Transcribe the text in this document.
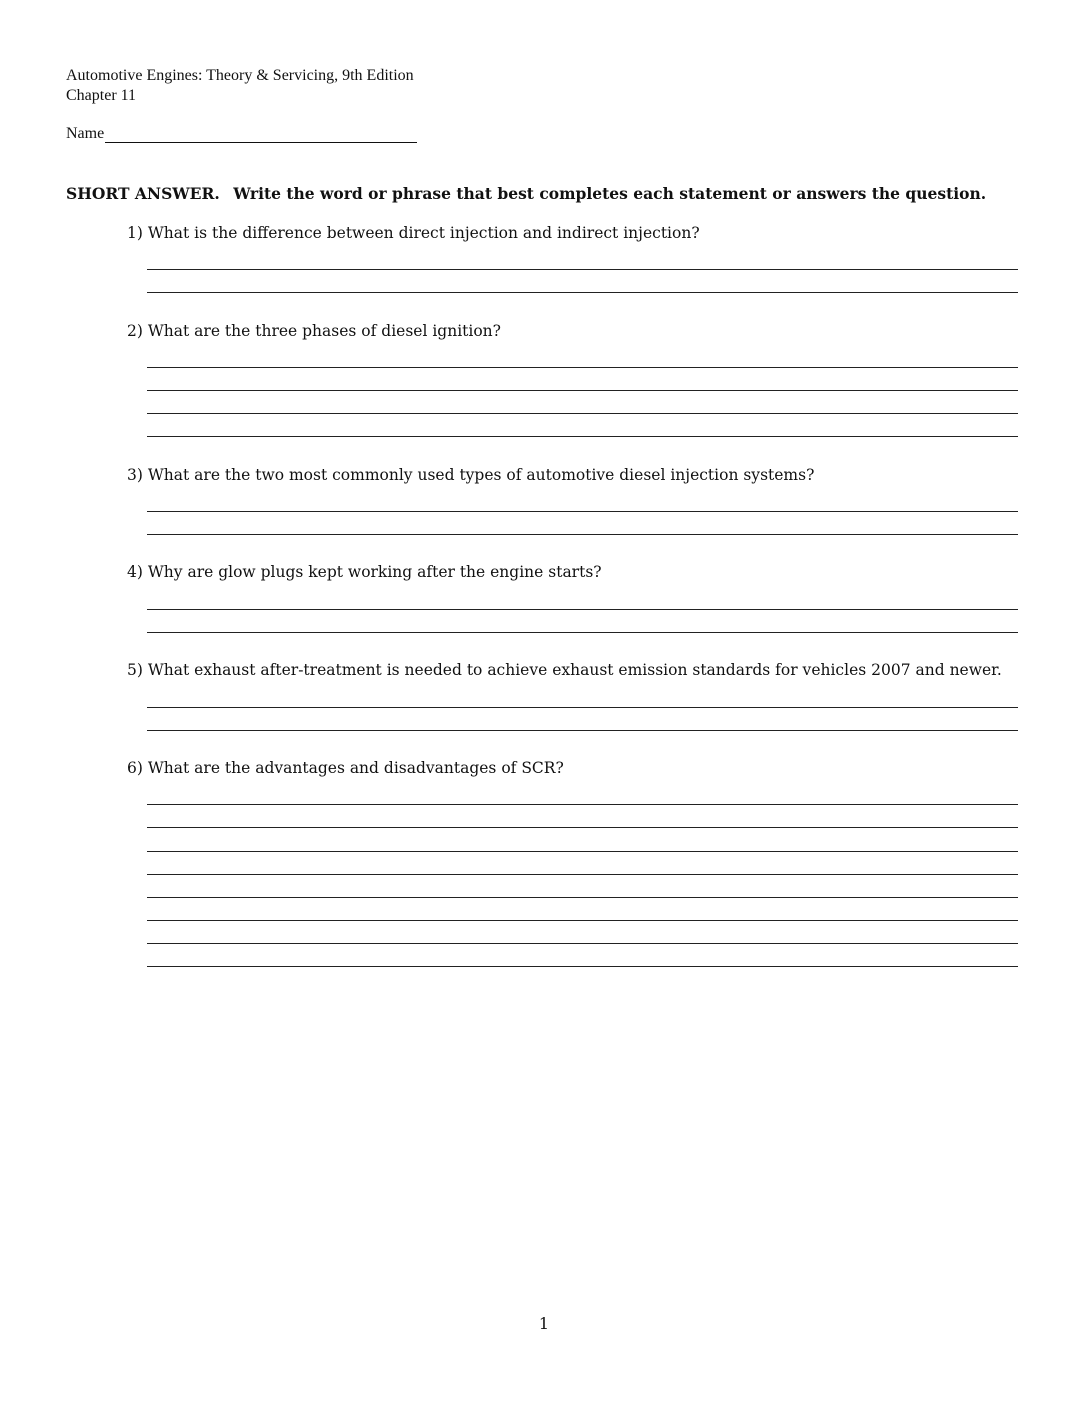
Automotive Engines: Theory & Servicing, 9th Edition
Chapter 11
Name
SHORT ANSWER. Write the word or phrase that best completes each statement or answers the question.
1) What is the difference between direct injection and indirect injection?
2) What are the three phases of diesel ignition?
3) What are the two most commonly used types of automotive diesel injection systems?
4) Why are glow plugs kept working after the engine starts?
5) What exhaust after-treatment is needed to achieve exhaust emission standards for vehicles 2007 and newer.
6) What are the advantages and disadvantages of SCR?
1
